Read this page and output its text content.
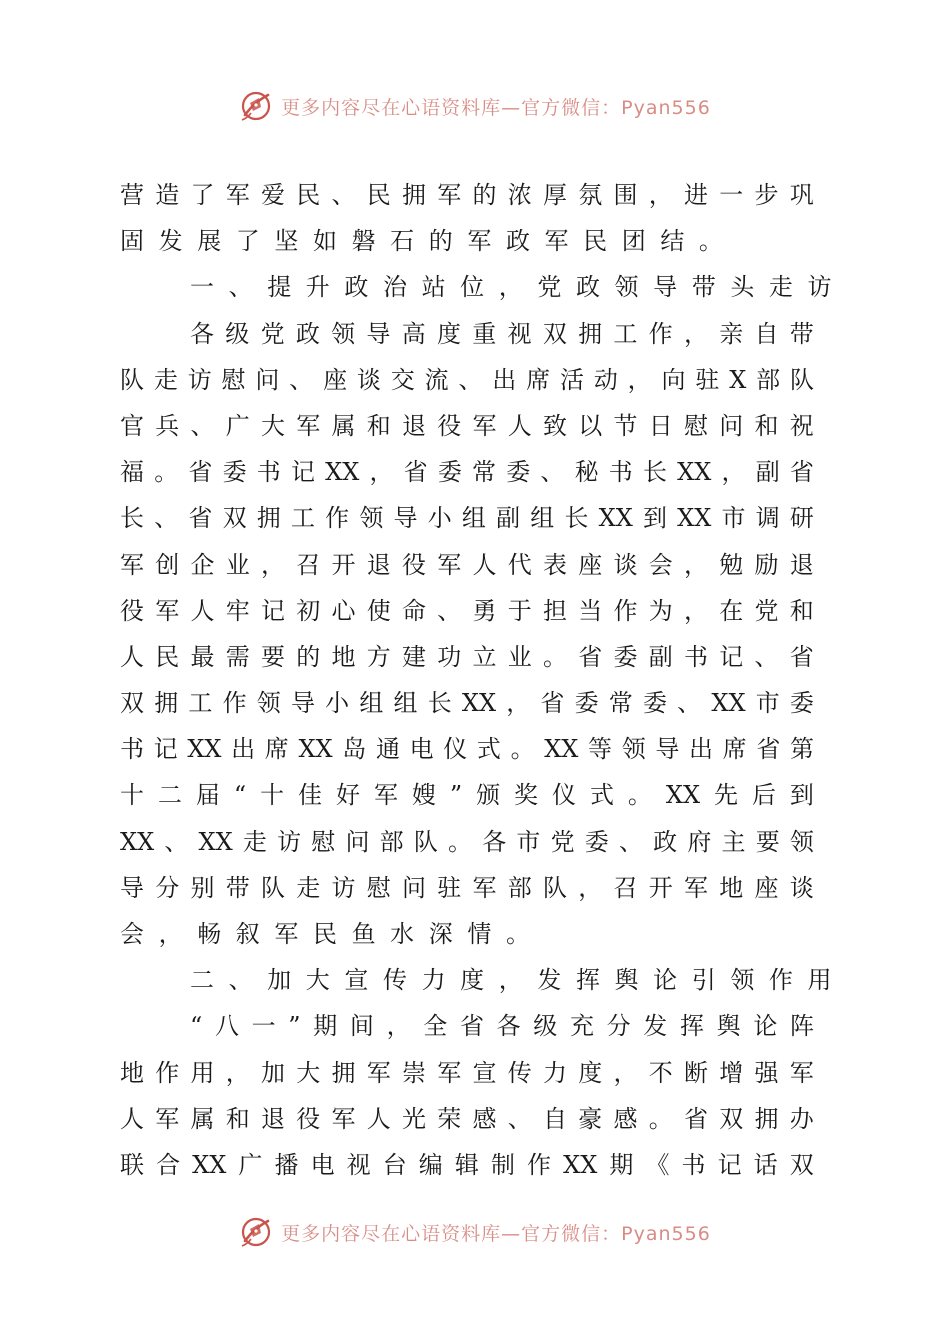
更多内容尽在心语资料库—官方微信：Pyan556
营 造 了 军 爱 民 、 民 拥 军 的 浓 厚 氛 围 ， 进 一 步 巩
固 发 展 了 坚 如 磐 石 的 军 政 军 民 团 结 。
一 、 提 升 政 治 站 位 ， 党 政 领 导 带 头 走 访
各 级 党 政 领 导 高 度 重 视 双 拥 工 作 ， 亲 自 带
队 走 访 慰 问 、 座 谈 交 流 、 出 席 活 动 ， 向 驻 X 部 队
官 兵 、 广 大 军 属 和 退 役 军 人 致 以 节 日 慰 问 和 祝
福 。 省 委 书 记 XX ， 省 委 常 委 、 秘 书 长 XX ， 副 省
长 、 省 双 拥 工 作 领 导 小 组 副 组 长 XX 到 XX 市 调 研
军 创 企 业 ， 召 开 退 役 军 人 代 表 座 谈 会 ， 勉 励 退
役 军 人 牢 记 初 心 使 命 、 勇 于 担 当 作 为 ， 在 党 和
人 民 最 需 要 的 地 方 建 功 立 业 。 省 委 副 书 记 、 省
双 拥 工 作 领 导 小 组 组 长 XX ， 省 委 常 委 、 XX 市 委
书 记 XX 出 席 XX 岛 通 电 仪 式 。 XX 等 领 导 出 席 省 第
十 二 届 “ 十 佳 好 军 嫂 ” 颁 奖 仪 式 。 XX 先 后 到
XX 、 XX 走 访 慰 问 部 队 。 各 市 党 委 、 政 府 主 要 领
导 分 别 带 队 走 访 慰 问 驻 军 部 队 ， 召 开 军 地 座 谈
会 ， 畅 叙 军 民 鱼 水 深 情 。
二 、 加 大 宣 传 力 度 ， 发 挥 舆 论 引 领 作 用
“ 八 一 ” 期 间 ， 全 省 各 级 充 分 发 挥 舆 论 阵
地 作 用 ， 加 大 拥 军 崇 军 宣 传 力 度 ， 不 断 增 强 军
人 军 属 和 退 役 军 人 光 荣 感 、 自 豪 感 。 省 双 拥 办
联 合 XX 广 播 电 视 台 编 辑 制 作 XX 期 《 书 记 话 双
更多内容尽在心语资料库—官方微信：Pyan556
